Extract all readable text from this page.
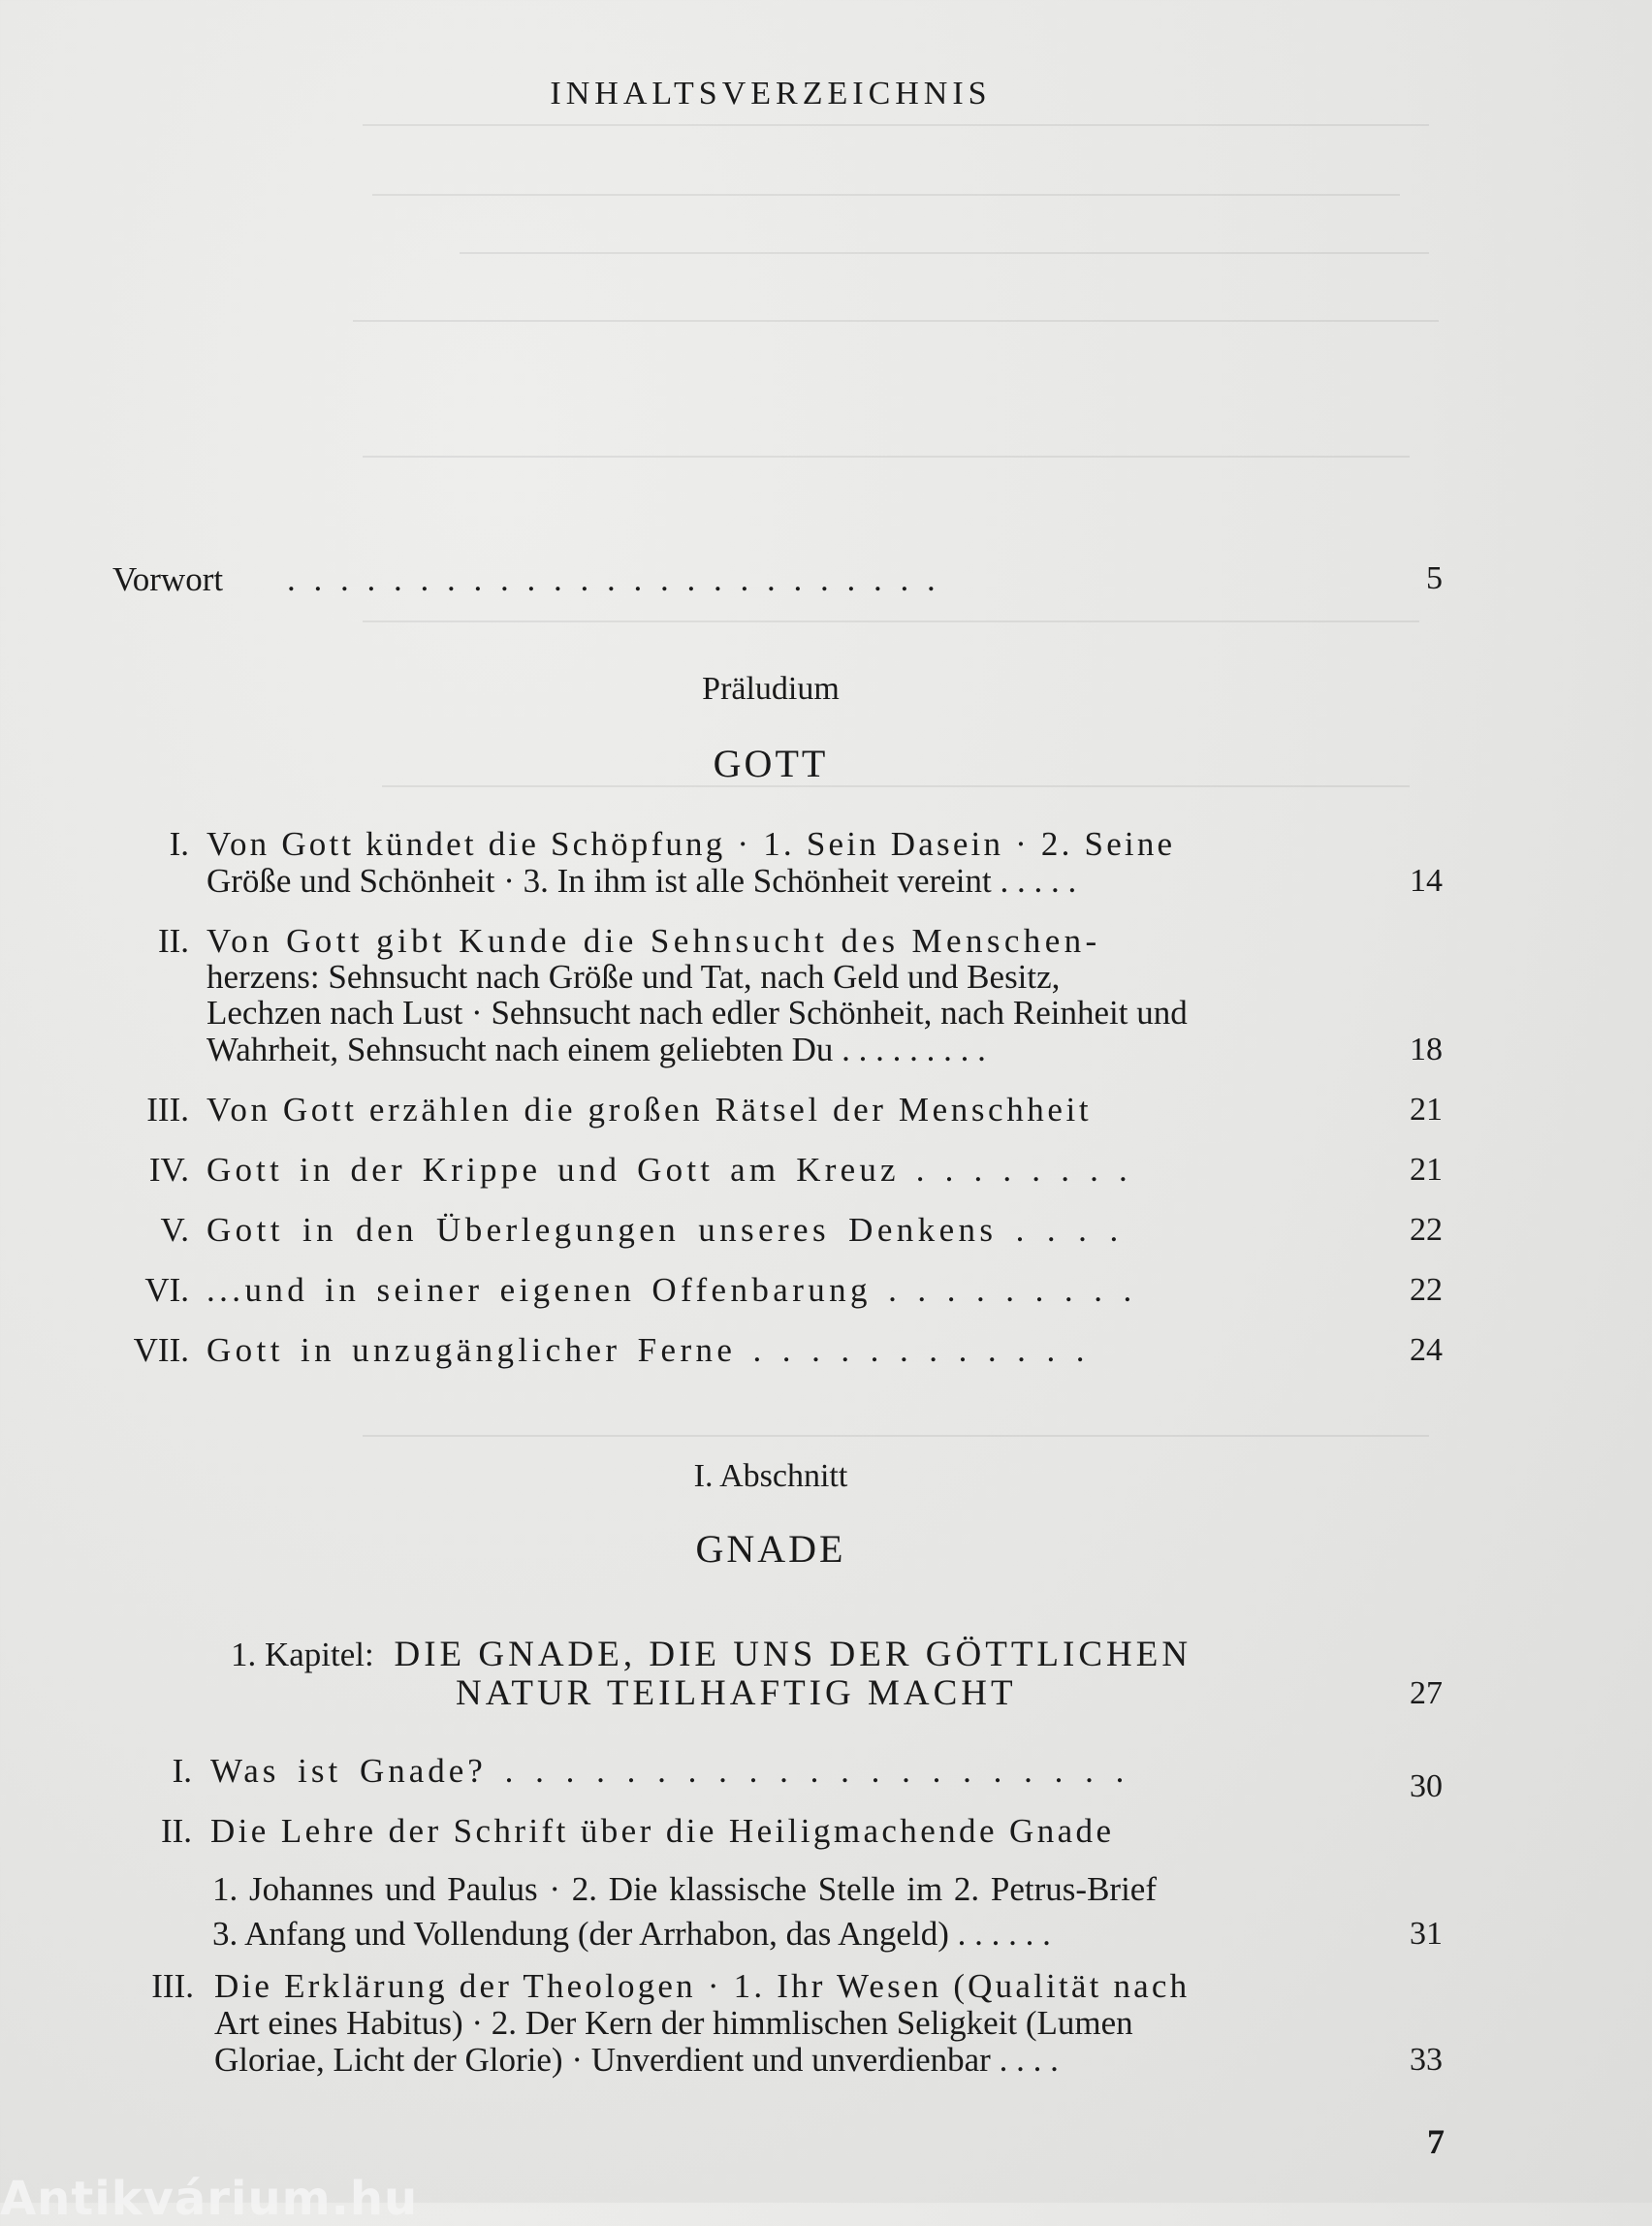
INHALTSVERZEICHNIS
Vorwort . . . . . . . . . . . . . . . . . . . . . . . . .	5
Präludium
GOTT
I. Von Gott kündet die Schöpfung · 1. Sein Dasein · 2. Seine
Größe und Schönheit · 3. In ihm ist alle Schönheit vereint . . . . .	14
II. Von Gott gibt Kunde die Sehnsucht des Menschen-
herzens: Sehnsucht nach Größe und Tat, nach Geld und Besitz,
Lechzen nach Lust · Sehnsucht nach edler Schönheit, nach Reinheit und
Wahrheit, Sehnsucht nach einem geliebten Du . . . . . . . . .	18
III. Von Gott erzählen die großen Rätsel der Menschheit	21
IV. Gott in der Krippe und Gott am Kreuz . . . . . . . .	21
V. Gott in den Überlegungen unseres Denkens . . . .	22
VI. ...und in seiner eigenen Offenbarung . . . . . . . . .	22
VII. Gott in unzugänglicher Ferne . . . . . . . . . . . .	24
I. Abschnitt
GNADE
1. Kapitel: DIE GNADE, DIE UNS DER GÖTTLICHEN
NATUR TEILHAFTIG MACHT	27
I. Was ist Gnade? . . . . . . . . . . . . . . . . . . . . .	30
II. Die Lehre der Schrift über die Heiligmachende Gnade
1. Johannes und Paulus · 2. Die klassische Stelle im 2. Petrus-Brief
3. Anfang und Vollendung (der Arrhabon, das Angeld) . . . . . .	31
III. Die Erklärung der Theologen · 1. Ihr Wesen (Qualität nach
Art eines Habitus) · 2. Der Kern der himmlischen Seligkeit (Lumen
Gloriae, Licht der Glorie) · Unverdient und unverdienbar . . . .	33
7
Antikvárium.hu
